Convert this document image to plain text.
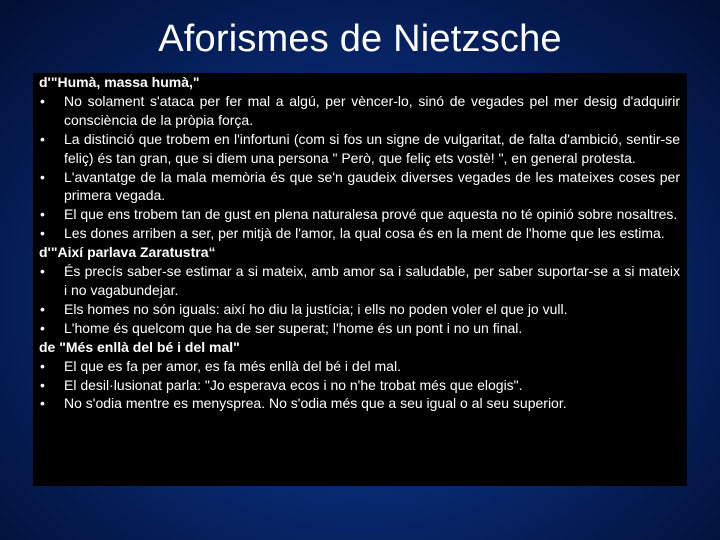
Aforismes de Nietzsche
d'"Humà, massa humà,"
•	No solament s'ataca per fer mal a algú, per vèncer-lo, sinó de vegades pel mer desig d'adquirir consciència de la pròpia força.
•	La distinció que trobem en l'infortuni (com si fos un signe de vulgaritat, de falta d'ambició, sentir-se feliç) és tan gran, que si diem una persona " Però, que feliç ets vostè! ", en general protesta.
•	L'avantatge de la mala memòria és que se'n gaudeix diverses vegades de les mateixes coses per primera vegada.
•	El que ens trobem tan de gust en plena naturalesa prové que aquesta no té opinió sobre nosaltres.
•	Les dones arriben a ser, per mitjà de l'amor, la qual cosa és en la ment de l'home que les estima.
d'"Així parlava Zaratustra“
•	És precís saber-se estimar a si mateix, amb amor sa i saludable, per saber suportar-se a si mateix i no vagabundejar.
•	Els homes no són iguals: així ho diu la justícia; i ells no poden voler el que jo vull.
•	L'home és quelcom que ha de ser superat; l'home és un pont i no un final.
de "Més enllà del bé i del mal"
•	El que es fa per amor, es fa més enllà del bé i del mal.
•	El desil·lusionat parla: "Jo esperava ecos i no n'he trobat més que elogis".
•	No s'odia mentre es menysprea. No s'odia més que a seu igual o al seu superior.
